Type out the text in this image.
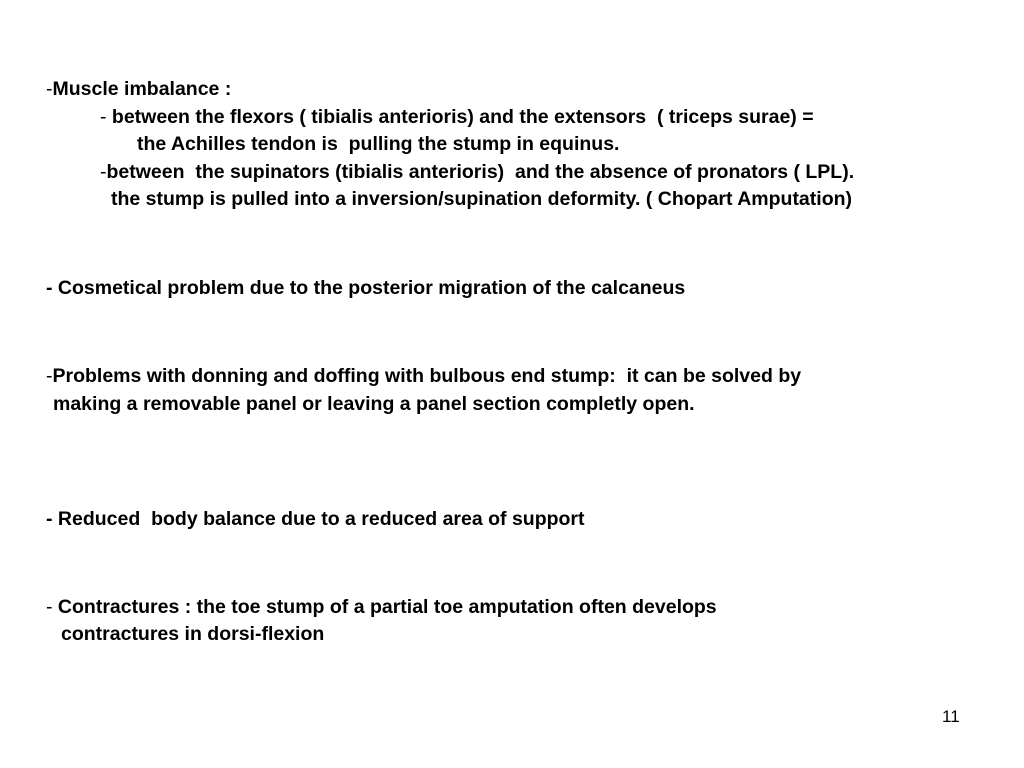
-Muscle imbalance :
- between the flexors ( tibialis anterioris) and the extensors  ( triceps surae) =
the Achilles tendon is  pulling the stump in equinus.
-between  the supinators (tibialis anterioris)  and the absence of pronators ( LPL).
the stump is pulled into a inversion/supination deformity. ( Chopart Amputation)
- Cosmetical problem due to the posterior migration of the calcaneus
-Problems with donning and doffing with bulbous end stump:  it can be solved by
making a removable panel or leaving a panel section completly open.
- Reduced  body balance due to a reduced area of support
- Contractures : the toe stump of a partial toe amputation often develops
contractures in dorsi-flexion
11
